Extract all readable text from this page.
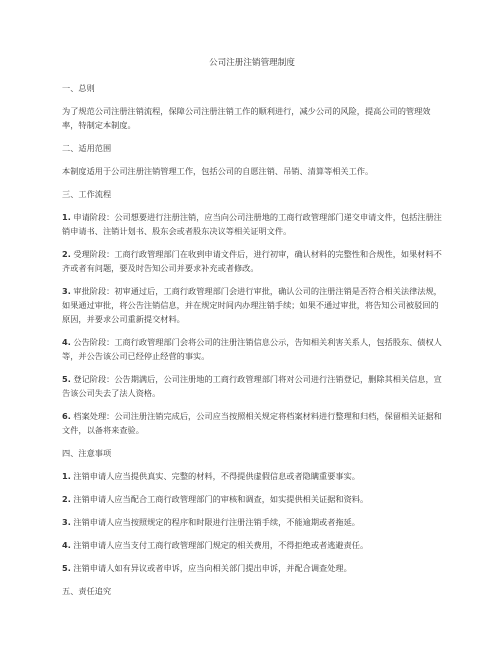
公司注册注销管理制度
一、总则
为了规范公司注册注销流程，保障公司注册注销工作的顺利进行，减少公司的风险，提高公司的管理效率，特制定本制度。
二、适用范围
本制度适用于公司注册注销管理工作，包括公司的自愿注销、吊销、清算等相关工作。
三、工作流程
1. 申请阶段：公司想要进行注册注销，应当向公司注册地的工商行政管理部门递交申请文件，包括注册注销申请书、注销计划书、股东会或者股东决议等相关证明文件。
2. 受理阶段：工商行政管理部门在收到申请文件后，进行初审，确认材料的完整性和合规性，如果材料不齐或者有问题，要及时告知公司并要求补充或者修改。
3. 审批阶段：初审通过后，工商行政管理部门会进行审批，确认公司的注册注销是否符合相关法律法规，如果通过审批，将公告注销信息，并在规定时间内办理注销手续；如果不通过审批，将告知公司被驳回的原因，并要求公司重新提交材料。
4. 公告阶段：工商行政管理部门会将公司的注册注销信息公示，告知相关利害关系人，包括股东、债权人等，并公告该公司已经停止经营的事实。
5. 登记阶段：公告期满后，公司注册地的工商行政管理部门将对公司进行注销登记，删除其相关信息，宣告该公司失去了法人资格。
6. 档案处理：公司注册注销完成后，公司应当按照相关规定将档案材料进行整理和归档，保留相关证据和文件，以备将来查验。
四、注意事项
1. 注销申请人应当提供真实、完整的材料，不得提供虚假信息或者隐瞒重要事实。
2. 注销申请人应当配合工商行政管理部门的审核和调查，如实提供相关证据和资料。
3. 注销申请人应当按照规定的程序和时限进行注册注销手续，不能逾期或者拖延。
4. 注销申请人应当支付工商行政管理部门规定的相关费用，不得拒绝或者逃避责任。
5. 注销申请人如有异议或者申诉，应当向相关部门提出申诉，并配合调查处理。
五、责任追究
